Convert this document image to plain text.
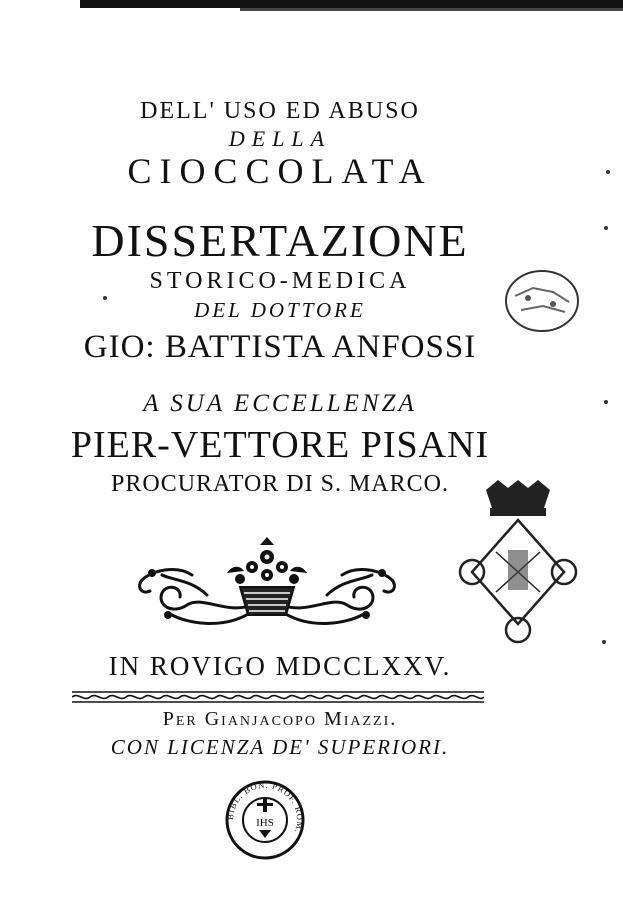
DELL' USO ED ABUSO
DELLA
CIOCCOLATA
DISSERTAZIONE
STORICO-MEDICA
DEL DOTTORE
GIO: BATTISTA ANFOSSI
A SUA ECCELLENZA
PIER-VETTORE PISANI
PROCURATOR DI S. MARCO.
IN ROVIGO MDCCLXXV.
Per Gianjacopo Miazzi.
CON LICENZA DE' SUPERIORI.
IHS
BIBL. BON. PROF. ROM.
